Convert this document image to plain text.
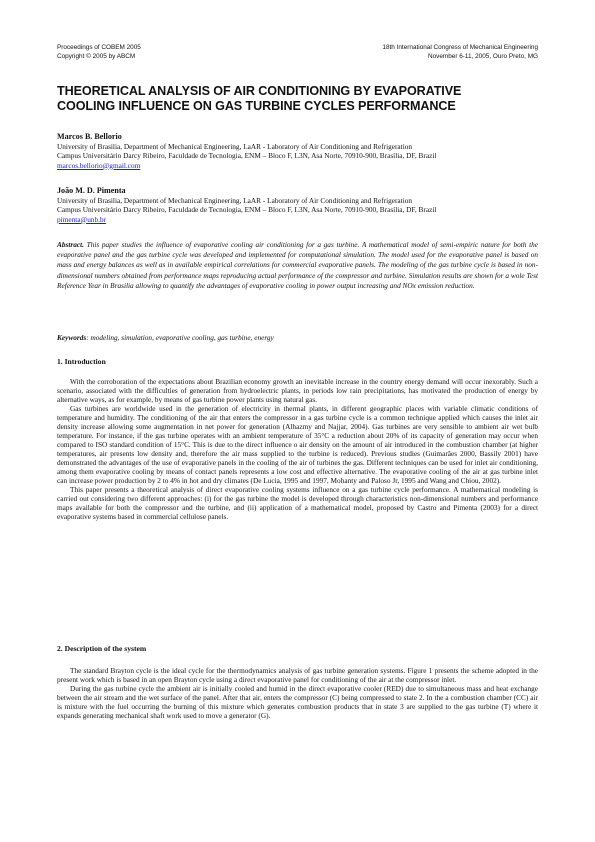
Proceedings of COBEM 2005
Copyright © 2005 by ABCM
18th International Congress of Mechanical Engineering
November 6-11, 2005, Ouro Preto, MG
THEORETICAL ANALYSIS OF AIR CONDITIONING BY EVAPORATIVE
COOLING INFLUENCE ON GAS TURBINE CYCLES PERFORMANCE
Marcos B. Bellorio
University of Brasilia, Department of Mechanical Engineering, LaAR - Laboratory of Air Conditioning and Refrigeration
Campus Universitário Darcy Ribeiro, Faculdade de Tecnologia, ENM – Bloco F, L3N, Asa Norte, 70910-900, Brasília, DF, Brazil
marcos.bellorio@gmail.com
João M. D. Pimenta
University of Brasilia, Department of Mechanical Engineering, LaAR - Laboratory of Air Conditioning and Refrigeration
Campus Universitário Darcy Ribeiro, Faculdade de Tecnologia, ENM – Bloco F, L3N, Asa Norte, 70910-900, Brasília, DF, Brazil
pimenta@unb.br
Abstract. This paper studies the influence of evaporative cooling air conditioning for a gas turbine. A mathematical model of semi-empiric nature for both the evaporative panel and the gas turbine cycle was developed and implemented for computational simulation. The model used for the evaporative panel is based on mass and energy balances as well as in available empirical correlations for commercial evaporative panels. The modeling of the gas turbine cycle is based in non-dimensional numbers obtained from performance maps reproducing actual performance of the compressor and turbine. Simulation results are shown for a wole Test Reference Year in Brasilia allowing to quantify the advantages of evaporative cooling in power output increasing and NOx emission reduction.
Keywords: modeling, simulation, evaporative cooling, gas turbine, energy
1. Introduction

With the corroboration of the expectations about Brazilian economy growth an inevitable increase in the country energy demand will occur inexorably. Such a scenario, associated with the difficulties of generation from hydroelectric plants, in periods low rain precipitations, has motivated the production of energy by alternative ways, as for example, by means of gas turbine power plants using natural gas.

Gas turbines are worldwide used in the generation of electricity in thermal plants, in different geographic places with variable climatic conditions of temperature and humidity. The conditioning of the air that enters the compressor in a gas turbine cycle is a common technique applied which causes the inlet air density increase allowing some augmentation in net power for generation (Alhazmy and Najjar, 2004). Gas turbines are very sensible to ambient air wet bulb temperature. For instance, if the gas turbine operates with an ambient temperature of 35°C a reduction about 20% of its capacity of generation may occur when compared to ISO standard condition of 15°C. This is due to the direct influence o air density on the amount of air introduced in the combustion chamber (at higher temperatures, air presents low density and, therefore the air mass supplied to the turbine is reduced). Previous studies (Guimarães 2000, Bassily 2001) have demonstrated the advantages of the use of evaporative panels in the cooling of the air of turbines the gas. Different techniques can be used for inlet air conditioning, among them evaporative cooling by means of contact panels represents a low cost and effective alternative. The evaporative cooling of the air at gas turbine inlet can increase power production by 2 to 4% in hot and dry climates (De Lucia, 1995 and 1997, Mohanty and Paloso Jr, 1995 and Wang and Chiou, 2002).

This paper presents a theoretical analysis of direct evaporative cooling systems influence on a gas turbine cycle performance. A mathematical modeling is carried out considering two different approaches: (i) for the gas turbine the model is developed through characteristics non-dimensional numbers and performance maps available for both the compressor and the turbine, and (ii) application of a mathematical model, proposed by Castro and Pimenta (2003) for a direct evaporative systems based in commercial cellulose panels.

2. Description of the system

The standard Brayton cycle is the ideal cycle for the thermodynamics analysis of gas turbine generation systems. Figure 1 presents the scheme adopted in the present work which is based in an open Brayton cycle using a direct evaporative panel for conditioning of the air at the compressor inlet.

During the gas turbine cycle the ambient air is initially cooled and humid in the direct evaporative cooler (RED) due to simultaneous mass and heat exchange between the air stream and the wet surface of the panel. After that air, enters the compressor (C) being compressed to state 2. In the a combustion chamber (CC) air is mixture with the fuel occurring the burning of this mixture which generates combustion products that in state 3 are supplied to the gas turbine (T) where it expands generating mechanical shaft work used to move a generator (G).
